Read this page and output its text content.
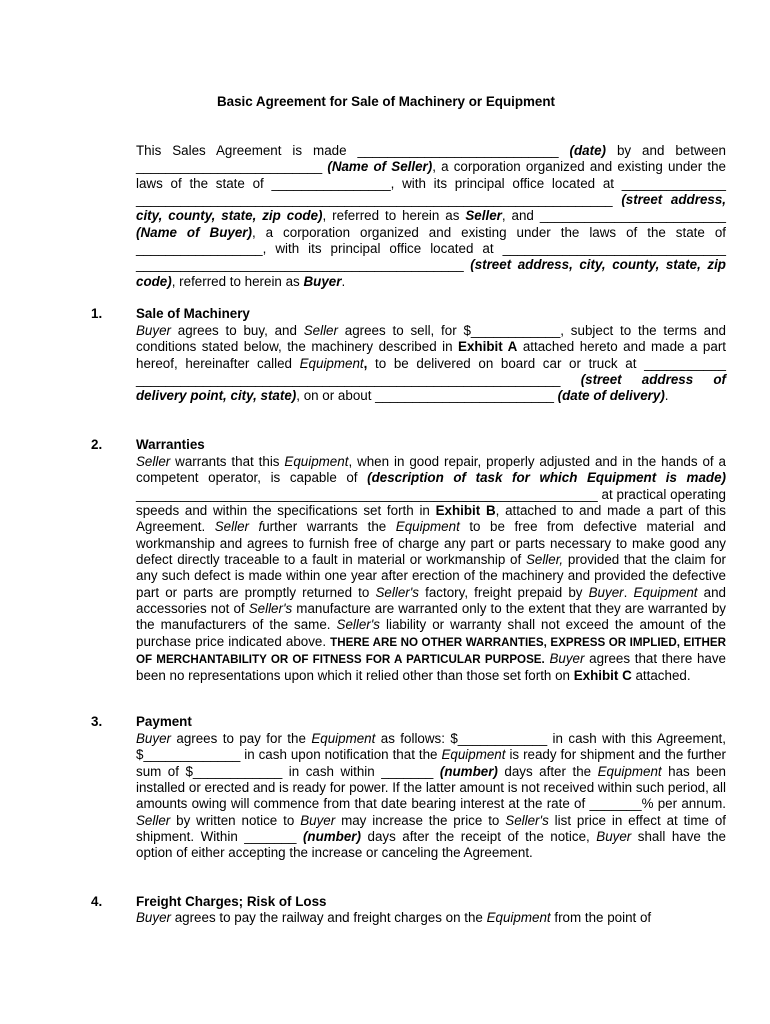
Basic Agreement for Sale of Machinery or Equipment

This Sales Agreement is made ___________________________ (date) by and between _________________________ (Name of Seller), a corporation organized and existing under the laws of the state of ________________, with its principal office located at ______________ ________________________________________________________________ (street address, city, county, state, zip code), referred to herein as Seller, and _________________________ (Name of Buyer), a corporation organized and existing under the laws of the state of _________________, with its principal office located at ______________________________ ____________________________________________ (street address, city, county, state, zip code), referred to herein as Buyer.

1.	Sale of Machinery

Buyer agrees to buy, and Seller agrees to sell, for $____________, subject to the terms and conditions stated below, the machinery described in Exhibit A attached hereto and made a part hereof, hereinafter called Equipment, to be delivered on board car or truck at ___________ _________________________________________________________ (street address of delivery point, city, state), on or about ________________________ (date of delivery).

2.	Warranties

Seller warrants that this Equipment, when in good repair, properly adjusted and in the hands of a competent operator, is capable of (description of task for which Equipment is made) ______________________________________________________________ at practical operating speeds and within the specifications set forth in Exhibit B, attached to and made a part of this Agreement. Seller further warrants the Equipment to be free from defective material and workmanship and agrees to furnish free of charge any part or parts necessary to make good any defect directly traceable to a fault in material or workmanship of Seller, provided that the claim for any such defect is made within one year after erection of the machinery and provided the defective part or parts are promptly returned to Seller's factory, freight prepaid by Buyer. Equipment and accessories not of Seller's manufacture are warranted only to the extent that they are warranted by the manufacturers of the same. Seller's liability or warranty shall not exceed the amount of the purchase price indicated above. THERE ARE NO OTHER WARRANTIES, EXPRESS OR IMPLIED, EITHER OF MERCHANTABILITY OR OF FITNESS FOR A PARTICULAR PURPOSE. Buyer agrees that there have been no representations upon which it relied other than those set forth on Exhibit C attached.

3.	Payment

Buyer agrees to pay for the Equipment as follows: $____________ in cash with this Agreement, $_____________ in cash upon notification that the Equipment is ready for shipment and the further sum of $____________ in cash within _______ (number) days after the Equipment has been installed or erected and is ready for power. If the latter amount is not received within such period, all amounts owing will commence from that date bearing interest at the rate of _______% per annum. Seller by written notice to Buyer may increase the price to Seller's list price in effect at time of shipment. Within _______ (number) days after the receipt of the notice, Buyer shall have the option of either accepting the increase or canceling the Agreement.

4.	Freight Charges; Risk of Loss

Buyer agrees to pay the railway and freight charges on the Equipment from the point of
